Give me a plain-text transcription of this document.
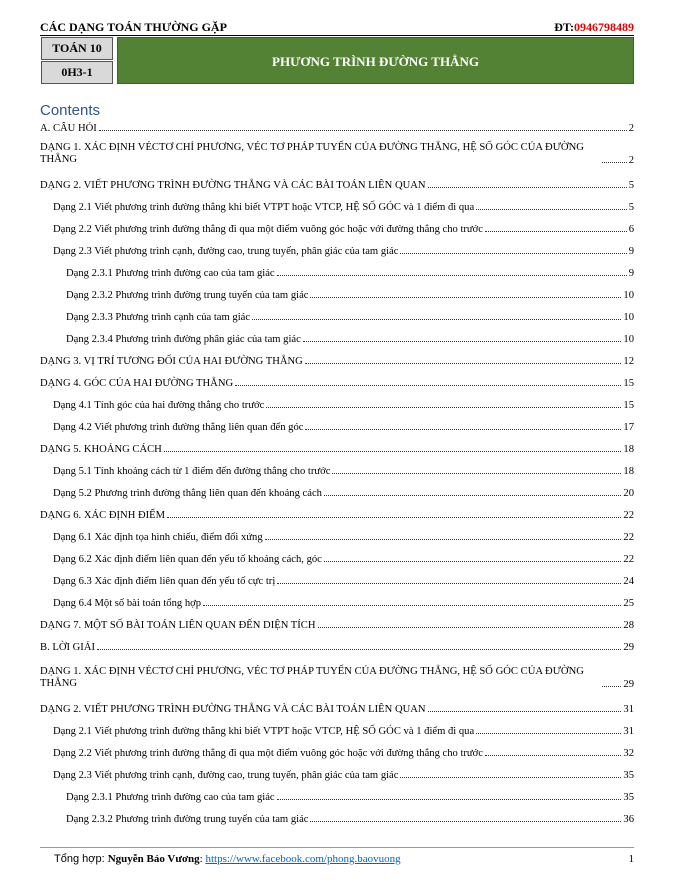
CÁC DẠNG TOÁN THƯỜNG GẶP	ĐT:0946798489
TOÁN 10
0H3-1
PHƯƠNG TRÌNH ĐƯỜNG THẲNG
Contents
A. CÂU HỎI	2
DẠNG 1. XÁC ĐỊNH VÉCTƠ CHỈ PHƯƠNG, VÉC TƠ PHÁP TUYẾN CỦA ĐƯỜNG THẲNG, HỆ SỐ GÓC CỦA ĐƯỜNG THẲNG	2
DẠNG 2. VIẾT PHƯƠNG TRÌNH ĐƯỜNG THẲNG VÀ CÁC BÀI TOÁN LIÊN QUAN	5
Dạng 2.1 Viết phương trình đường thẳng khi biết VTPT hoặc VTCP, HỆ SỐ GÓC và 1 điểm đi qua	5
Dạng 2.2 Viết phương trình đường thẳng đi qua một điểm vuông góc hoặc với đường thẳng cho trước	6
Dạng 2.3 Viết phương trình cạnh, đường cao, trung tuyến, phân giác của tam giác	9
Dạng 2.3.1 Phương trình đường cao của tam giác	9
Dạng 2.3.2 Phương trình đường trung tuyến của tam giác	10
Dạng 2.3.3 Phương trình cạnh của tam giác	10
Dạng 2.3.4 Phương trình đường phân giác của tam giác	10
DẠNG 3. VỊ TRÍ TƯƠNG ĐỐI CỦA HAI ĐƯỜNG THẲNG	12
DẠNG 4. GÓC CỦA HAI ĐƯỜNG THẲNG	15
Dạng 4.1 Tính góc của hai đường thẳng cho trước	15
Dạng 4.2 Viết phương trình đường thẳng liên quan đến góc	17
DẠNG 5. KHOẢNG CÁCH	18
Dạng 5.1 Tính khoảng cách từ 1 điểm đến đường thẳng cho trước	18
Dạng 5.2 Phương trình đường thẳng liên quan đến khoảng cách	20
DẠNG 6. XÁC ĐỊNH ĐIỂM	22
Dạng 6.1 Xác định tọa hình chiếu, điểm đối xứng	22
Dạng 6.2 Xác định điểm liên quan đến yếu tố khoảng cách, góc	22
Dạng 6.3 Xác định điểm liên quan đến yếu tố cực trị	24
Dạng 6.4 Một số bài toán tổng hợp	25
DẠNG 7. MỘT SỐ BÀI TOÁN LIÊN QUAN ĐẾN DIỆN TÍCH	28
B. LỜI GIẢI	29
DẠNG 1. XÁC ĐỊNH VÉCTƠ CHỈ PHƯƠNG, VÉC TƠ PHÁP TUYẾN CỦA ĐƯỜNG THẲNG, HỆ SỐ GÓC CỦA ĐƯỜNG THẲNG	29
DẠNG 2. VIẾT PHƯƠNG TRÌNH ĐƯỜNG THẲNG VÀ CÁC BÀI TOÁN LIÊN QUAN	31
Dạng 2.1 Viết phương trình đường thẳng khi biết VTPT hoặc VTCP, HỆ SỐ GÓC và 1 điểm đi qua	31
Dạng 2.2 Viết phương trình đường thẳng đi qua một điểm vuông góc hoặc với đường thẳng cho trước	32
Dạng 2.3 Viết phương trình cạnh, đường cao, trung tuyến, phân giác của tam giác	35
Dạng 2.3.1 Phương trình đường cao của tam giác	35
Dạng 2.3.2 Phương trình đường trung tuyến của tam giác	36
Tổng hợp: Nguyễn Bảo Vương: https://www.facebook.com/phong.baovuong	1
